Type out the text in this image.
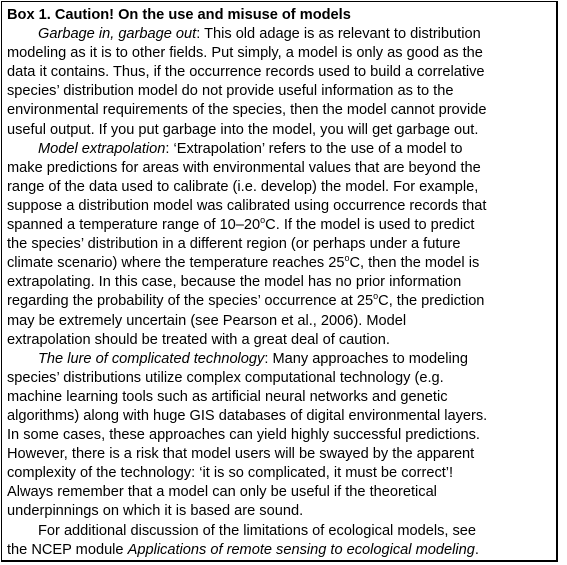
Box 1. Caution! On the use and misuse of models

Garbage in, garbage out: This old adage is as relevant to distribution
modeling as it is to other fields. Put simply, a model is only as good as the
data it contains. Thus, if the occurrence records used to build a correlative
species’ distribution model do not provide useful information as to the
environmental requirements of the species, then the model cannot provide
useful output. If you put garbage into the model, you will get garbage out.

Model extrapolation: ‘Extrapolation’ refers to the use of a model to
make predictions for areas with environmental values that are beyond the
range of the data used to calibrate (i.e. develop) the model. For example,
suppose a distribution model was calibrated using occurrence records that
spanned a temperature range of 10–20$^o$C. If the model is used to predict
the species’ distribution in a different region (or perhaps under a future
climate scenario) where the temperature reaches 25$^o$C, then the model is
extrapolating. In this case, because the model has no prior information
regarding the probability of the species’ occurrence at 25$^o$C, the prediction
may be extremely uncertain (see Pearson et al., 2006). Model
extrapolation should be treated with a great deal of caution.

The lure of complicated technology: Many approaches to modeling
species’ distributions utilize complex computational technology (e.g.
machine learning tools such as artificial neural networks and genetic
algorithms) along with huge GIS databases of digital environmental layers.
In some cases, these approaches can yield highly successful predictions.
However, there is a risk that model users will be swayed by the apparent
complexity of the technology: ‘it is so complicated, it must be correct’!
Always remember that a model can only be useful if the theoretical
underpinnings on which it is based are sound.

For additional discussion of the limitations of ecological models, see
the NCEP module Applications of remote sensing to ecological modeling.
